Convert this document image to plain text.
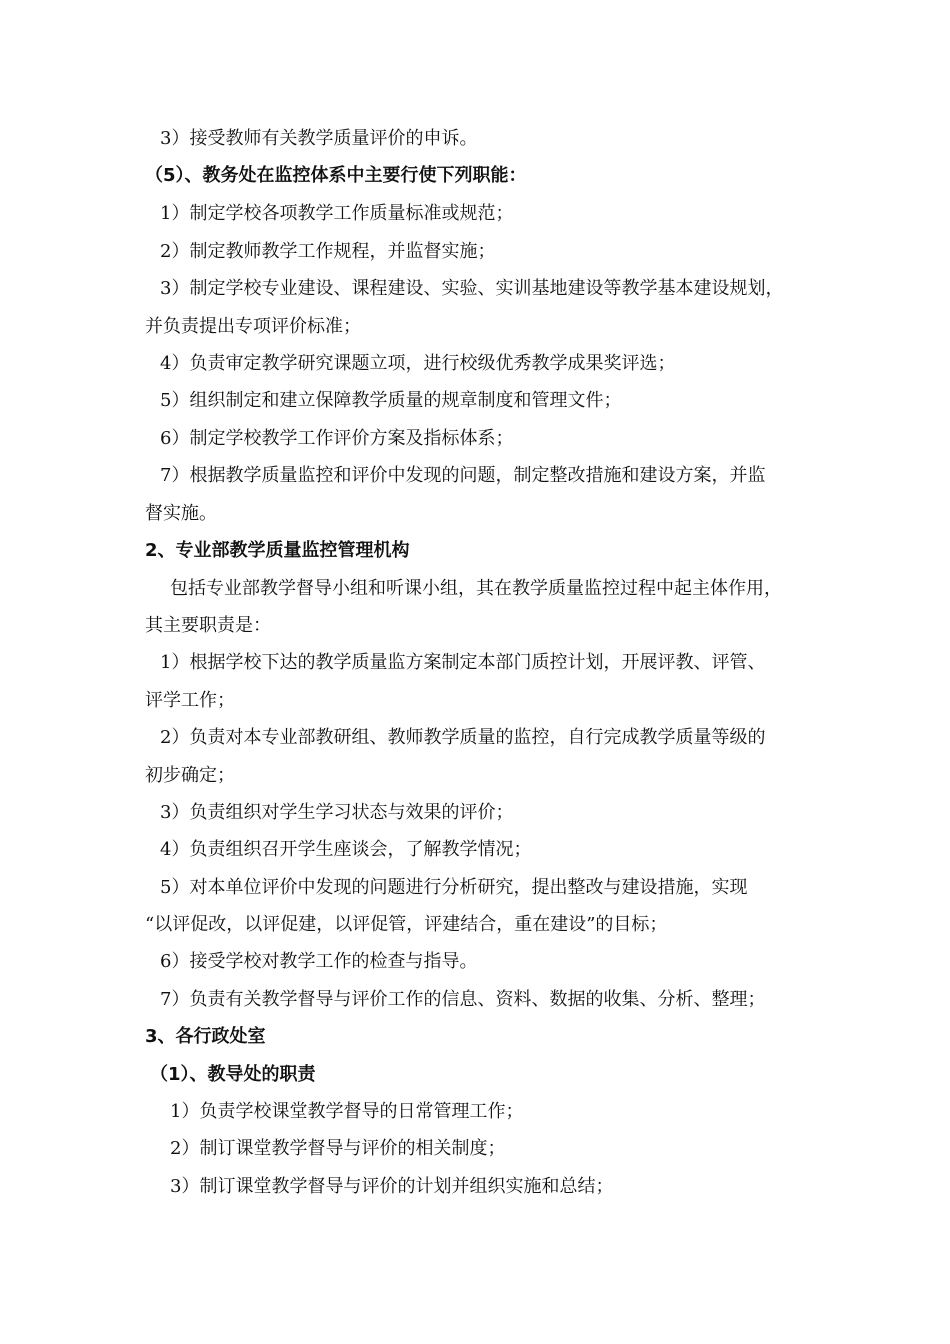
3）接受教师有关教学质量评价的申诉。
（5）、教务处在监控体系中主要行使下列职能：
1）制定学校各项教学工作质量标准或规范；
2）制定教师教学工作规程，并监督实施；
3）制定学校专业建设、课程建设、实验、实训基地建设等教学基本建设规划，
并负责提出专项评价标准；
4）负责审定教学研究课题立项，进行校级优秀教学成果奖评选；
5）组织制定和建立保障教学质量的规章制度和管理文件；
6）制定学校教学工作评价方案及指标体系；
7）根据教学质量监控和评价中发现的问题，制定整改措施和建设方案，并监
督实施。
2、专业部教学质量监控管理机构
包括专业部教学督导小组和听课小组，其在教学质量监控过程中起主体作用，
其主要职责是：
1）根据学校下达的教学质量监方案制定本部门质控计划，开展评教、评管、
评学工作；
2）负责对本专业部教研组、教师教学质量的监控，自行完成教学质量等级的
初步确定；
3）负责组织对学生学习状态与效果的评价；
4）负责组织召开学生座谈会，了解教学情况；
5）对本单位评价中发现的问题进行分析研究，提出整改与建设措施，实现
“以评促改，以评促建，以评促管，评建结合，重在建设”的目标；
6）接受学校对教学工作的检查与指导。
7）负责有关教学督导与评价工作的信息、资料、数据的收集、分析、整理；
3、各行政处室
（1）、教导处的职责
1）负责学校课堂教学督导的日常管理工作；
2）制订课堂教学督导与评价的相关制度；
3）制订课堂教学督导与评价的计划并组织实施和总结；
